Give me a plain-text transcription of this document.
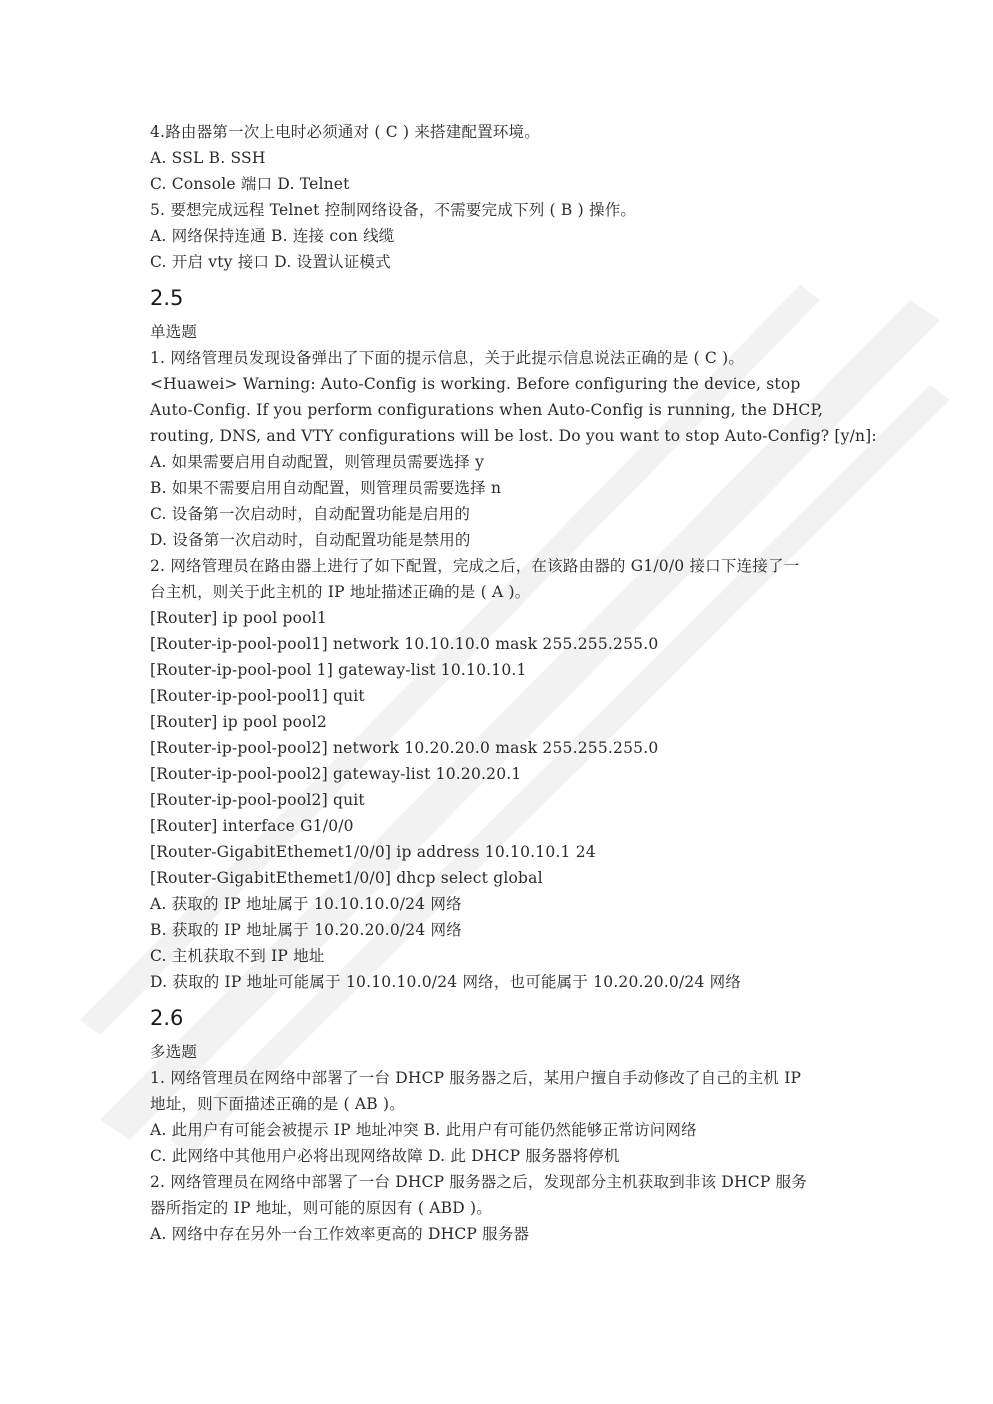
4.路由器第一次上电时必须通对 ( C ) 来搭建配置环境。
A. SSL B. SSH
C. Console 端口 D. Telnet
5. 要想完成远程 Telnet 控制网络设备，不需要完成下列 ( B ) 操作。
A. 网络保持连通 B. 连接 con 线缆
C. 开启 vty 接口 D. 设置认证模式
2.5
单选题
1. 网络管理员发现设备弹出了下面的提示信息，关于此提示信息说法正确的是 ( C )。
<Huawei> Warning: Auto-Config is working. Before configuring the device, stop
Auto-Config. If you perform configurations when Auto-Config is running, the DHCP,
routing, DNS, and VTY configurations will be lost. Do you want to stop Auto-Config? [y/n]:
A. 如果需要启用自动配置，则管理员需要选择 y
B. 如果不需要启用自动配置，则管理员需要选择 n
C. 设备第一次启动时，自动配置功能是启用的
D. 设备第一次启动时，自动配置功能是禁用的
2. 网络管理员在路由器上进行了如下配置，完成之后，在该路由器的 G1/0/0 接口下连接了一
台主机，则关于此主机的 IP 地址描述正确的是 ( A )。
[Router] ip pool pool1
[Router-ip-pool-pool1] network 10.10.10.0 mask 255.255.255.0
[Router-ip-pool-pool 1] gateway-list 10.10.10.1
[Router-ip-pool-pool1] quit
[Router] ip pool pool2
[Router-ip-pool-pool2] network 10.20.20.0 mask 255.255.255.0
[Router-ip-pool-pool2] gateway-list 10.20.20.1
[Router-ip-pool-pool2] quit
[Router] interface G1/0/0
[Router-GigabitEthemet1/0/0] ip address 10.10.10.1 24
[Router-GigabitEthemet1/0/0] dhcp select global
A. 获取的 IP 地址属于 10.10.10.0/24 网络
B. 获取的 IP 地址属于 10.20.20.0/24 网络
C. 主机获取不到 IP 地址
D. 获取的 IP 地址可能属于 10.10.10.0/24 网络，也可能属于 10.20.20.0/24 网络
2.6
多选题
1. 网络管理员在网络中部署了一台 DHCP 服务器之后，某用户擅自手动修改了自己的主机 IP
地址，则下面描述正确的是 ( AB )。
A. 此用户有可能会被提示 IP 地址冲突 B. 此用户有可能仍然能够正常访问网络
C. 此网络中其他用户必将出现网络故障 D. 此 DHCP 服务器将停机
2. 网络管理员在网络中部署了一台 DHCP 服务器之后，发现部分主机获取到非该 DHCP 服务
器所指定的 IP 地址，则可能的原因有 ( ABD )。
A. 网络中存在另外一台工作效率更高的 DHCP 服务器
